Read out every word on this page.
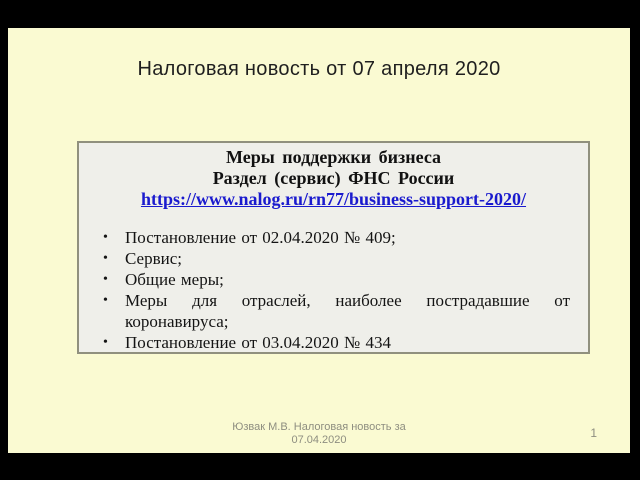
Налоговая новость от 07 апреля 2020
Меры поддержки бизнеса
Раздел (сервис) ФНС России
https://www.nalog.ru/rn77/business-support-2020/
• Постановление от 02.04.2020 № 409;
• Сервис;
• Общие меры;
• Меры для отраслей, наиболее пострадавшие от
коронавируса;
• Постановление от 03.04.2020 № 434
Юзвак М.В. Налоговая новость за
07.04.2020	1
